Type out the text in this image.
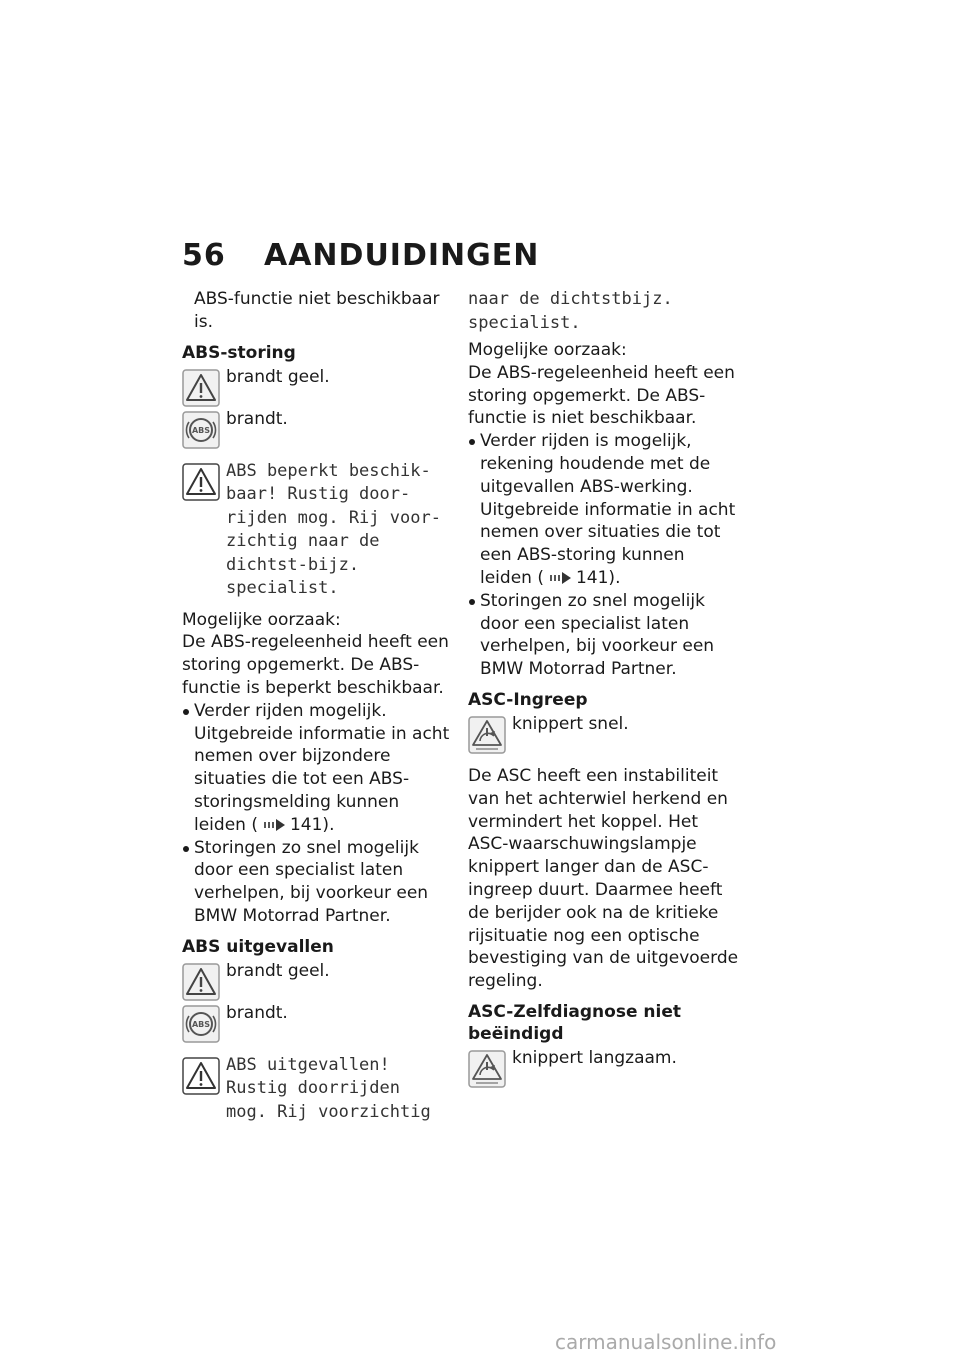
56 AANDUIDINGEN

ABS-functie niet beschikbaar is.

ABS-storing
brandt geel.
ABS
brandt.

ABS beperkt beschik-

baar! Rustig door-rijden mog. Rij voor-zichtig naar de dichtst-bijz. specialist.

Mogelijke oorzaak:

De ABS-regeleenheid heeft een storing opgemerkt. De ABS-functie is beperkt beschikbaar.

Verder rijden mogelijk. Uitgebreide informatie in acht nemen over bijzondere situaties die tot een ABS-storingsmelding kunnen leiden ( 141).
Storingen zo snel mogelijk door een specialist laten verhelpen, bij voorkeur een BMW Motorrad Partner.
ABS uitgevallen
brandt geel.
ABS
brandt.

ABS uitgevallen!

Rustig doorrijden mog. Rij voorzichtig

naar de dichtstbijz. specialist.

Mogelijke oorzaak:

De ABS-regeleenheid heeft een storing opgemerkt. De ABS-functie is niet beschikbaar.

Verder rijden is mogelijk, rekening houdende met de uitgevallen ABS-werking. Uitgebreide informatie in acht nemen over situaties die tot een ABS-storing kunnen leiden ( 141).
Storingen zo snel mogelijk door een specialist laten verhelpen, bij voorkeur een BMW Motorrad Partner.
ASC-Ingreep
knippert snel.

De ASC heeft een instabiliteit van het achterwiel herkend en vermindert het koppel. Het ASC-waarschuwingslampje knippert langer dan de ASC-ingreep duurt. Daarmee heeft de berijder ook na de kritieke rijsituatie nog een optische bevestiging van de uitgevoerde regeling.

ASC-Zelfdiagnose niet beëindigd
knippert langzaam.
carmanualsonline.info
